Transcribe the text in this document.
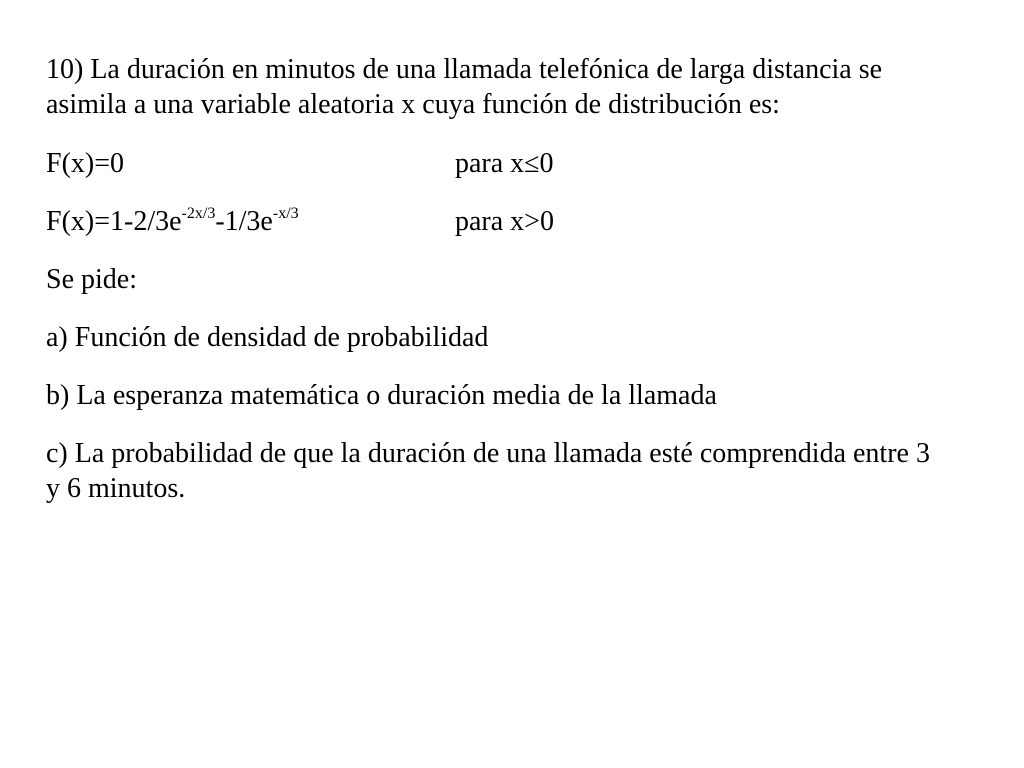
10) La duración en minutos de una llamada telefónica de larga distancia se asimila a una variable aleatoria x cuya función de distribución es:

F(x)=0	para x≤0
$F(x)=1-2/3e^{-2x/3}-1/3e^{-x/3}$	para x>0

Se pide:

a) Función de densidad de probabilidad

b) La esperanza matemática o duración media de la llamada

c) La probabilidad de que la duración de una llamada esté comprendida entre 3 y 6 minutos.
